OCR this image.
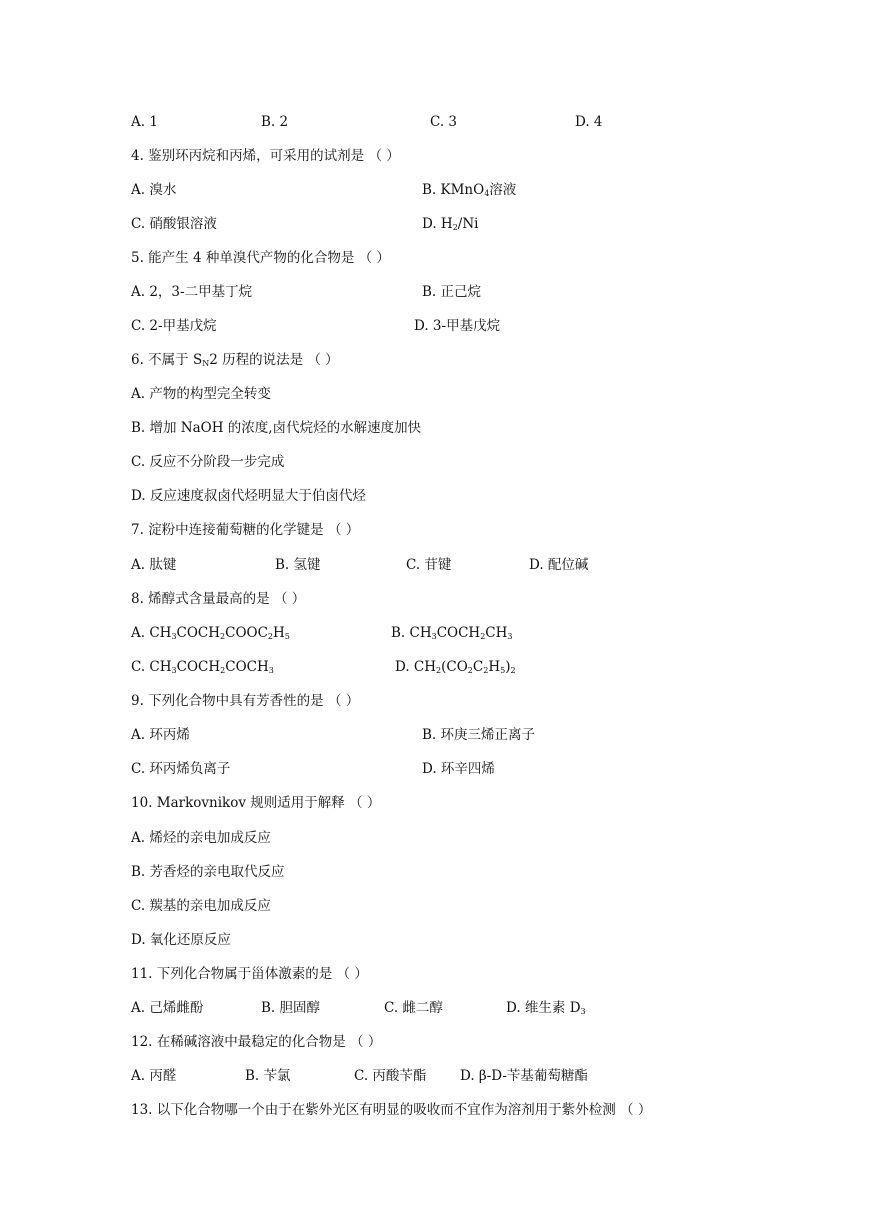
A. 1	B. 2	C. 3	D. 4
4. 鉴别环丙烷和丙烯，可采用的试剂是 （ ）
A. 溴水	B. KMnO$_4$溶液
C. 硝酸银溶液	D. $H_2/Ni$
5. 能产生 4 种单溴代产物的化合物是 （ ）
A. 2，3-二甲基丁烷	B. 正己烷
C. 2-甲基戊烷	D. 3-甲基戊烷
6. 不属于 $S_N2$ 历程的说法是 （ ）
A. 产物的构型完全转变
B. 增加 NaOH 的浓度,卤代烷烃的水解速度加快
C. 反应不分阶段一步完成
D. 反应速度叔卤代烃明显大于伯卤代烃
7. 淀粉中连接葡萄糖的化学键是 （ ）
A. 肽键	B. 氢键	C. 苷键	D. 配位碱
8. 烯醇式含量最高的是 （ ）
A. $CH_3COCH_2COOC_2H_5$	B. $CH_3COCH_2CH_3$
C. $CH_3COCH_2COCH_3$	D. $CH_2(CO_2C_2H_5)_2$
9. 下列化合物中具有芳香性的是 （ ）
A. 环丙烯	B. 环庚三烯正离子
C. 环丙烯负离子	D. 环辛四烯
10. Markovnikov 规则适用于解释 （ ）
A. 烯烃的亲电加成反应
B. 芳香烃的亲电取代反应
C. 羰基的亲电加成反应
D. 氧化还原反应
11. 下列化合物属于甾体激素的是 （ ）
A. 己烯雌酚	B. 胆固醇	C. 雌二醇	D. 维生素 $D_3$
12. 在稀碱溶液中最稳定的化合物是 （ ）
A. 丙醛	B. 苄氯	C. 丙酸苄酯 D. β-D-苄基葡萄糖酯
13. 以下化合物哪一个由于在紫外光区有明显的吸收而不宜作为溶剂用于紫外检测 （ ）
